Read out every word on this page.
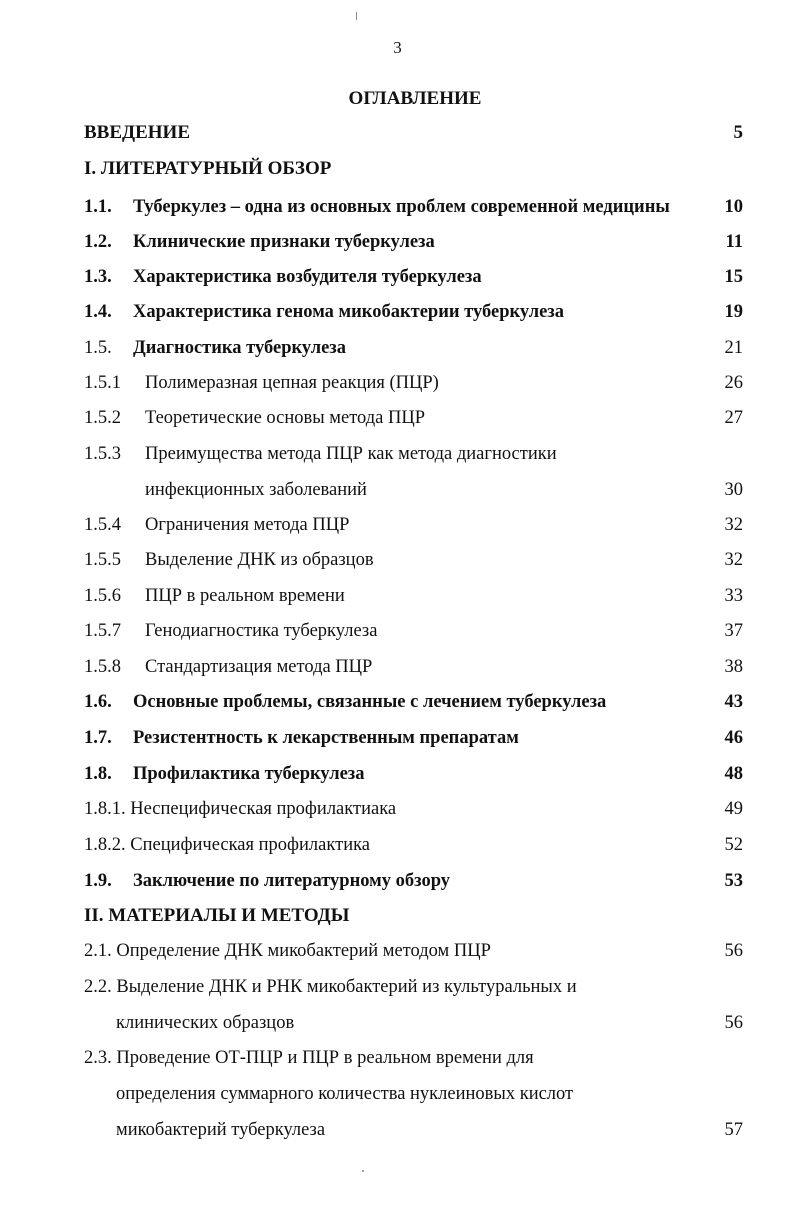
3
ОГЛАВЛЕНИЕ
ВВЕДЕНИЕ	5
I. ЛИТЕРАТУРНЫЙ ОБЗОР
1.1. Туберкулез – одна из основных проблем современной медицины	10
1.2. Клинические признаки туберкулеза	11
1.3. Характеристика возбудителя туберкулеза	15
1.4. Характеристика генома микобактерии туберкулеза	19
1.5. Диагностика туберкулеза	21
1.5.1 Полимеразная цепная реакция (ПЦР)	26
1.5.2 Теоретические основы метода ПЦР	27
1.5.3 Преимущества метода ПЦР как метода диагностики
инфекционных заболеваний	30
1.5.4 Ограничения метода ПЦР	32
1.5.5 Выделение ДНК из образцов	32
1.5.6 ПЦР в реальном времени	33
1.5.7 Генодиагностика туберкулеза	37
1.5.8 Стандартизация метода ПЦР	38
1.6. Основные проблемы, связанные с лечением туберкулеза	43
1.7. Резистентность к лекарственным препаратам	46
1.8. Профилактика туберкулеза	48
1.8.1. Неспецифическая профилактиака	49
1.8.2. Специфическая профилактика	52
1.9. Заключение по литературному обзору	53
II. МАТЕРИАЛЫ И МЕТОДЫ
2.1. Определение ДНК микобактерий методом ПЦР	56
2.2. Выделение ДНК и РНК микобактерий из культуральных и
клинических образцов	56
2.3. Проведение ОТ-ПЦР и ПЦР в реальном времени для
определения суммарного количества нуклеиновых кислот
микобактерий туберкулеза	57
